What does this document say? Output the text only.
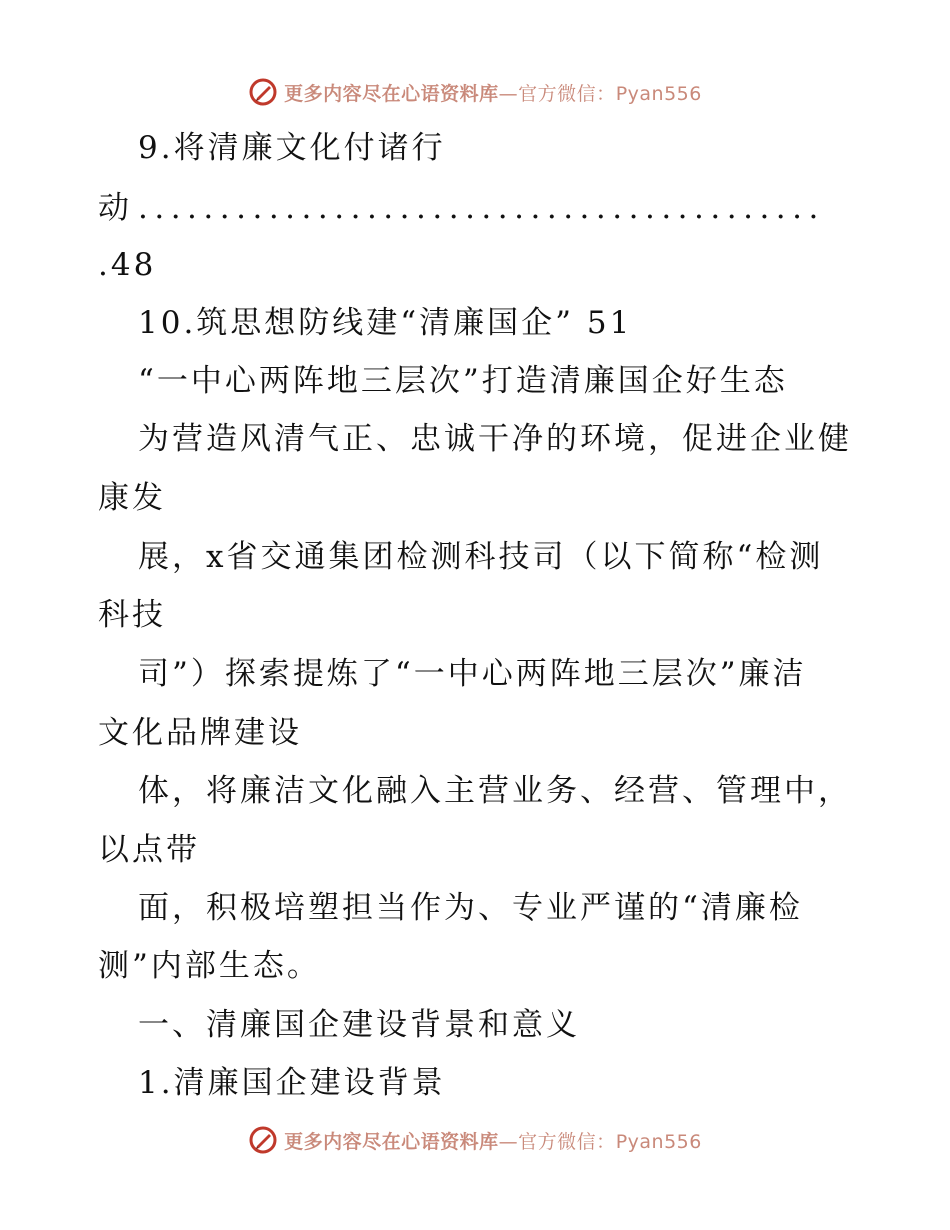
更多内容尽在心语资料库—官方微信：Pyan556
9.将清廉文化付诸行
动 ..........................................
.48
10.筑思想防线建“清廉国企” 51
“一中心两阵地三层次”打造清廉国企好生态
为营造风清气正、忠诚干净的环境，促进企业健
康发
展，x省交通集团检测科技司（以下简称“检测
科技
司”）探索提炼了“一中心两阵地三层次”廉洁
文化品牌建设
体，将廉洁文化融入主营业务、经营、管理中，
以点带
面，积极培塑担当作为、专业严谨的“清廉检
测”内部生态。
一、清廉国企建设背景和意义
1.清廉国企建设背景
更多内容尽在心语资料库—官方微信：Pyan556
